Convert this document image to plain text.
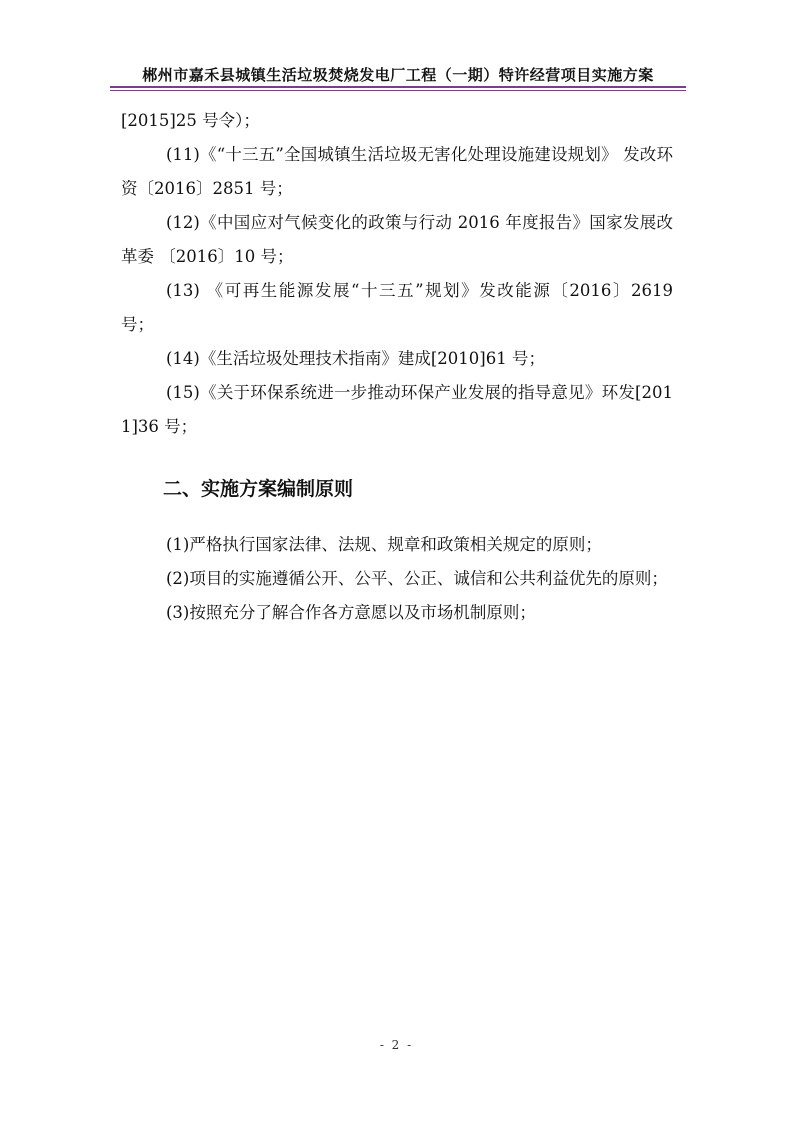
郴州市嘉禾县城镇生活垃圾焚烧发电厂工程（一期）特许经营项目实施方案

[2015]25 号令）；

(11)《“十三五”全国城镇生活垃圾无害化处理设施建设规划》 发改环资〔2016〕2851 号；

(12)《中国应对气候变化的政策与行动 2016 年度报告》国家发展改革委 〔2016〕10 号；

(13) 《可再生能源发展“十三五”规划》发改能源〔2016〕2619 号；

(14)《生活垃圾处理技术指南》建成[2010]61 号；

(15)《关于环保系统进一步推动环保产业发展的指导意见》环发[2011]36 号；

二、实施方案编制原则

(1)严格执行国家法律、法规、规章和政策相关规定的原则；

(2)项目的实施遵循公开、公平、公正、诚信和公共利益优先的原则；

(3)按照充分了解合作各方意愿以及市场机制原则；

- 2 -
